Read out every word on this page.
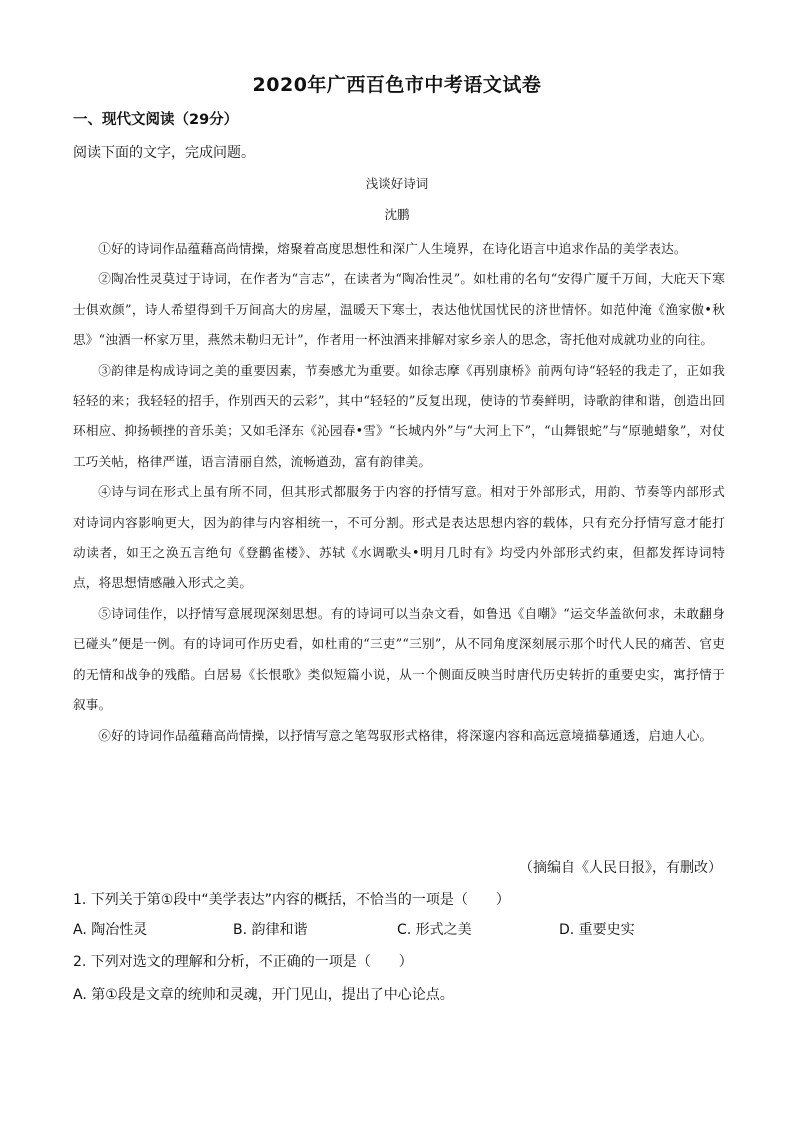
2020年广西百色市中考语文试卷
一、现代文阅读（29分）
阅读下面的文字，完成问题。
浅谈好诗词
沈鹏

①好的诗词作品蕴藉高尚情操，熔聚着高度思想性和深广人生境界，在诗化语言中追求作品的美学表达。

②陶冶性灵莫过于诗词，在作者为“言志”，在读者为“陶冶性灵”。如杜甫的名句“安得广厦千万间，大庇天下寒士俱欢颜”，诗人希望得到千万间高大的房屋，温暖天下寒士，表达他忧国忧民的济世情怀。如范仲淹《渔家傲•秋思》“浊酒一杯家万里，燕然未勒归无计”，作者用一杯浊酒来排解对家乡亲人的思念，寄托他对成就功业的向往。

③韵律是构成诗词之美的重要因素，节奏感尤为重要。如徐志摩《再别康桥》前两句诗“轻轻的我走了，正如我轻轻的来；我轻轻的招手，作别西天的云彩”，其中“轻轻的”反复出现，使诗的节奏鲜明，诗歌韵律和谐，创造出回环相应、抑扬顿挫的音乐美；又如毛泽东《沁园春•雪》“长城内外”与“大河上下”，“山舞银蛇”与“原驰蜡象”，对仗工巧关帖，格律严谨，语言清丽自然，流畅遒劲，富有韵律美。

④诗与词在形式上虽有所不同，但其形式都服务于内容的抒情写意。相对于外部形式，用韵、节奏等内部形式对诗词内容影响更大，因为韵律与内容相统一，不可分割。形式是表达思想内容的载体，只有充分抒情写意才能打动读者，如王之涣五言绝句《登鹳雀楼》、苏轼《水调歌头•明月几时有》均受内外部形式约束，但都发挥诗词特点，将思想情感融入形式之美。

⑤诗词佳作，以抒情写意展现深刻思想。有的诗词可以当杂文看，如鲁迅《自嘲》“运交华盖欲何求，未敢翻身已碰头”便是一例。有的诗词可作历史看，如杜甫的“三吏”“三别”，从不同角度深刻展示那个时代人民的痛苦、官吏的无情和战争的残酷。白居易《长恨歌》类似短篇小说，从一个侧面反映当时唐代历史转折的重要史实，寓抒情于叙事。

⑥好的诗词作品蕴藉高尚情操，以抒情写意之笔驾驭形式格律，将深邃内容和高远意境描摹通透，启迪人心。

（摘编自《人民日报》，有删改）
1. 下列关于第①段中“美学表达”内容的概括，不恰当的一项是（　　）
A. 陶冶性灵	B. 韵律和谐	C. 形式之美	D. 重要史实
2. 下列对选文的理解和分析，不正确的一项是（　　）
A. 第①段是文章的统帅和灵魂，开门见山，提出了中心论点。
